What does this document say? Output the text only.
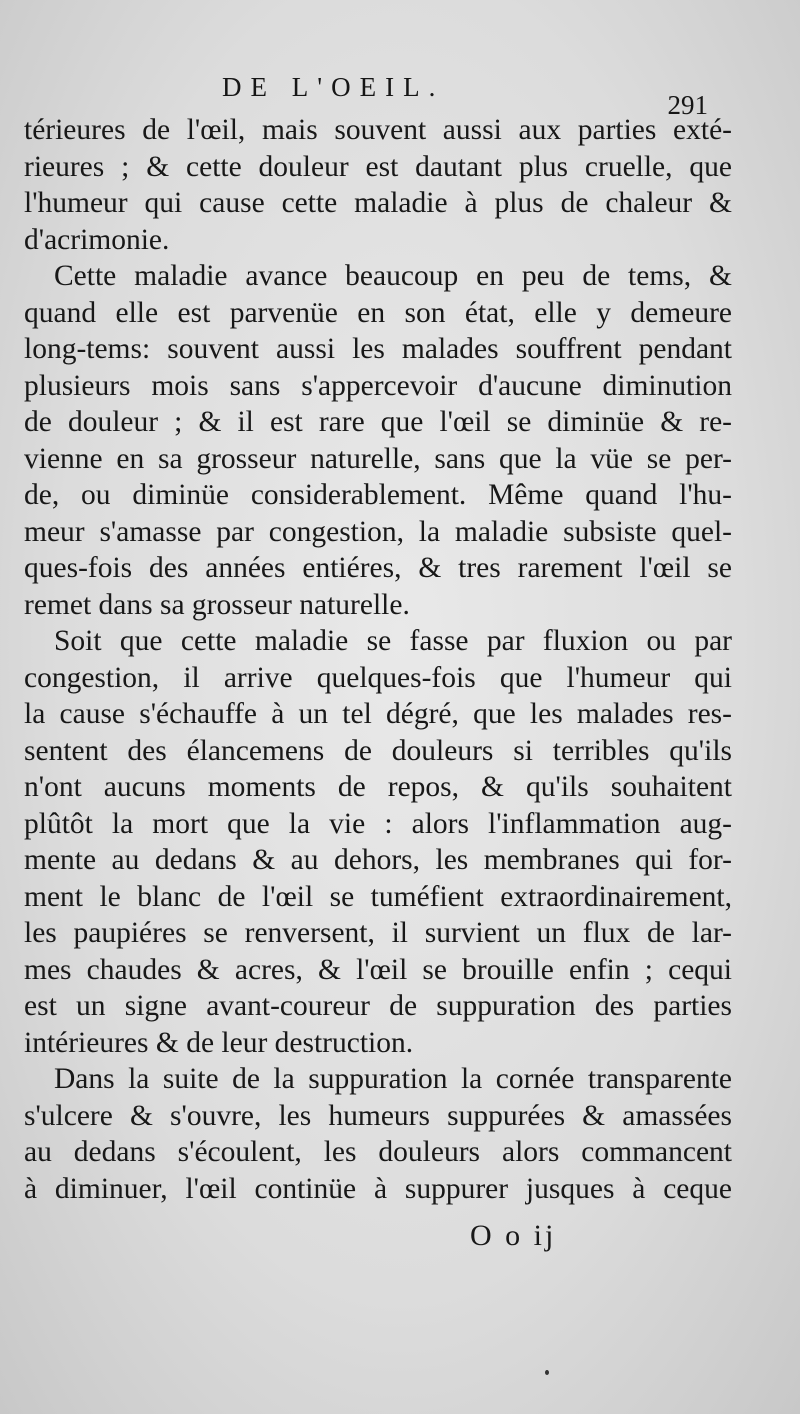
DE L'OEIL.
291

térieures de l'œil, mais souvent aussi aux parties exté-
rieures ; & cette douleur est dautant plus cruelle, que
l'humeur qui cause cette maladie à plus de chaleur &
d'acrimonie.

Cette maladie avance beaucoup en peu de tems, &
quand elle est parvenüe en son état, elle y demeure
long-tems: souvent aussi les malades souffrent pendant
plusieurs mois sans s'appercevoir d'aucune diminution
de douleur ; & il est rare que l'œil se diminüe & re-
vienne en sa grosseur naturelle, sans que la vüe se per-
de, ou diminüe considerablement. Même quand l'hu-
meur s'amasse par congestion, la maladie subsiste quel-
ques-fois des années entiéres, & tres rarement l'œil se
remet dans sa grosseur naturelle.

Soit que cette maladie se fasse par fluxion ou par
congestion, il arrive quelques-fois que l'humeur qui
la cause s'échauffe à un tel dégré, que les malades res-
sentent des élancemens de douleurs si terribles qu'ils
n'ont aucuns moments de repos, & qu'ils souhaitent
plûtôt la mort que la vie : alors l'inflammation aug-
mente au dedans & au dehors, les membranes qui for-
ment le blanc de l'œil se tuméfient extraordinairement,
les paupiéres se renversent, il survient un flux de lar-
mes chaudes & acres, & l'œil se brouille enfin ; cequi
est un signe avant-coureur de suppuration des parties
intérieures & de leur destruction.

Dans la suite de la suppuration la cornée transparente
s'ulcere & s'ouvre, les humeurs suppurées & amassées
au dedans s'écoulent, les douleurs alors commancent
à diminuer, l'œil continüe à suppurer jusques à ceque

O o ij
